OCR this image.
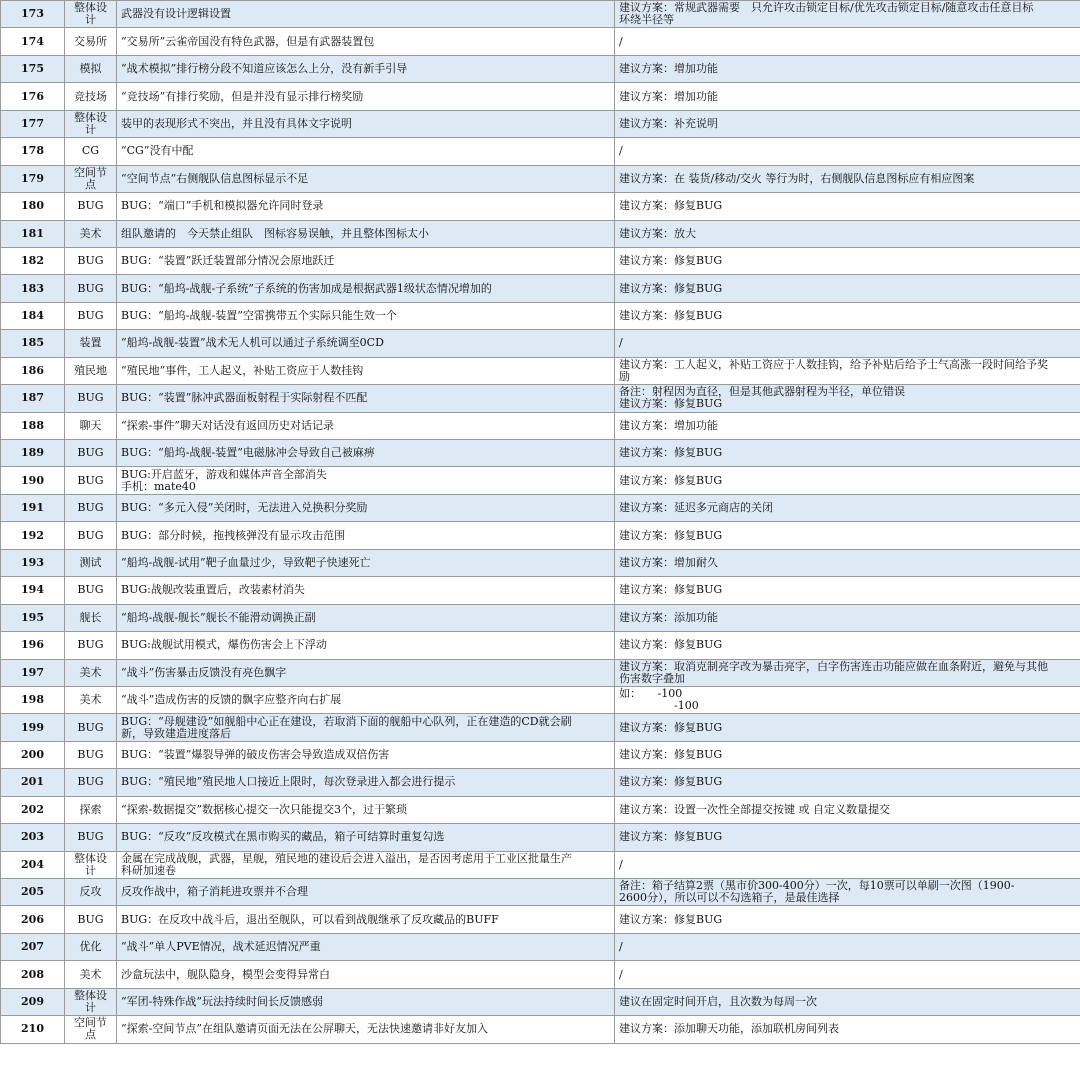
173	整体设计	武器没有设计逻辑设置	建议方案：常规武器需要　只允许攻击锁定目标/优先攻击锁定目标/随意攻击任意目标
环绕半径等
174	交易所	“交易所”云雀帝国没有特色武器，但是有武器装置包	/
175	模拟	“战术模拟”排行榜分段不知道应该怎么上分，没有新手引导	建议方案：增加功能
176	竞技场	“竞技场”有排行奖励，但是并没有显示排行榜奖励	建议方案：增加功能
177	整体设计	装甲的表现形式不突出，并且没有具体文字说明	建议方案：补充说明
178	CG	“CG”没有中配	/
179	空间节点	“空间节点”右侧舰队信息图标显示不足	建议方案：在 装货/移动/交火 等行为时，右侧舰队信息图标应有相应图案
180	BUG	BUG：“端口”手机和模拟器允许同时登录	建议方案：修复BUG
181	美术	组队邀请的　今天禁止组队　图标容易误触，并且整体图标太小	建议方案：放大
182	BUG	BUG：“装置”跃迁装置部分情况会原地跃迁	建议方案：修复BUG
183	BUG	BUG：“船坞-战舰-子系统”子系统的伤害加成是根据武器1级状态情况增加的	建议方案：修复BUG
184	BUG	BUG：“船坞-战舰-装置”空雷携带五个实际只能生效一个	建议方案：修复BUG
185	装置	“船坞-战舰-装置”战术无人机可以通过子系统调至0CD	/
186	殖民地	“殖民地”事件，工人起义，补贴工资应于人数挂钩	建议方案：工人起义，补贴工资应于人数挂钩，给予补贴后给予士气高涨一段时间给予奖
励
187	BUG	BUG：“装置”脉冲武器面板射程于实际射程不匹配	备注：射程因为直径，但是其他武器射程为半径，单位错误
建议方案：修复BUG
188	聊天	“探索-事件”聊天对话没有返回历史对话记录	建议方案：增加功能
189	BUG	BUG：“船坞-战舰-装置”电磁脉冲会导致自己被麻痹	建议方案：修复BUG
190	BUG	BUG:开启蓝牙，游戏和媒体声音全部消失
手机：mate40	建议方案：修复BUG
191	BUG	BUG：“多元入侵”关闭时，无法进入兑换积分奖励	建议方案：延迟多元商店的关闭
192	BUG	BUG：部分时候，拖拽核弹没有显示攻击范围	建议方案：修复BUG
193	测试	“船坞-战舰-试用”靶子血量过少，导致靶子快速死亡	建议方案：增加耐久
194	BUG	BUG:战舰改装重置后，改装素材消失	建议方案：修复BUG
195	舰长	“船坞-战舰-舰长”舰长不能滑动调换正副	建议方案：添加功能
196	BUG	BUG:战舰试用模式，爆伤伤害会上下浮动	建议方案：修复BUG
197	美术	“战斗”伤害暴击反馈没有亮色飘字	建议方案：取消克制亮字改为暴击亮字，白字伤害连击功能应做在血条附近，避免与其他
伤害数字叠加
198	美术	“战斗”造成伤害的反馈的飘字应整齐向右扩展	如：　　-100
　　　　　-100
199	BUG	BUG：“母舰建设”如舰船中心正在建设，若取消下面的舰船中心队列，正在建造的CD就会刷
新，导致建造进度落后	建议方案：修复BUG
200	BUG	BUG：“装置”爆裂导弹的破皮伤害会导致造成双倍伤害	建议方案：修复BUG
201	BUG	BUG：“殖民地”殖民地人口接近上限时，每次登录进入都会进行提示	建议方案：修复BUG
202	探索	“探索-数据提交”数据核心提交一次只能提交3个，过于繁琐	建议方案：设置一次性全部提交按键 或 自定义数量提交
203	BUG	BUG：“反攻”反攻模式在黑市购买的藏品，箱子可结算时重复勾选	建议方案：修复BUG
204	整体设计	金属在完成战舰，武器，星舰，殖民地的建设后会进入溢出，是否因考虑用于工业区批量生产
科研加速卷	/
205	反攻	反攻作战中，箱子消耗进攻票并不合理	备注：箱子结算2票（黑市价300-400分）一次，每10票可以单刷一次图（1900-
2600分），所以可以不勾选箱子，是最佳选择
206	BUG	BUG：在反攻中战斗后，退出至舰队，可以看到战舰继承了反攻藏品的BUFF	建议方案：修复BUG
207	优化	“战斗”单人PVE情况，战术延迟情况严重	/
208	美术	沙盒玩法中，舰队隐身，模型会变得异常白	/
209	整体设计	“军团-特殊作战”玩法持续时间长反馈感弱	建议在固定时间开启，且次数为每周一次
210	空间节点	“探索-空间节点”在组队邀请页面无法在公屏聊天，无法快速邀请非好友加入	建议方案：添加聊天功能，添加联机房间列表
